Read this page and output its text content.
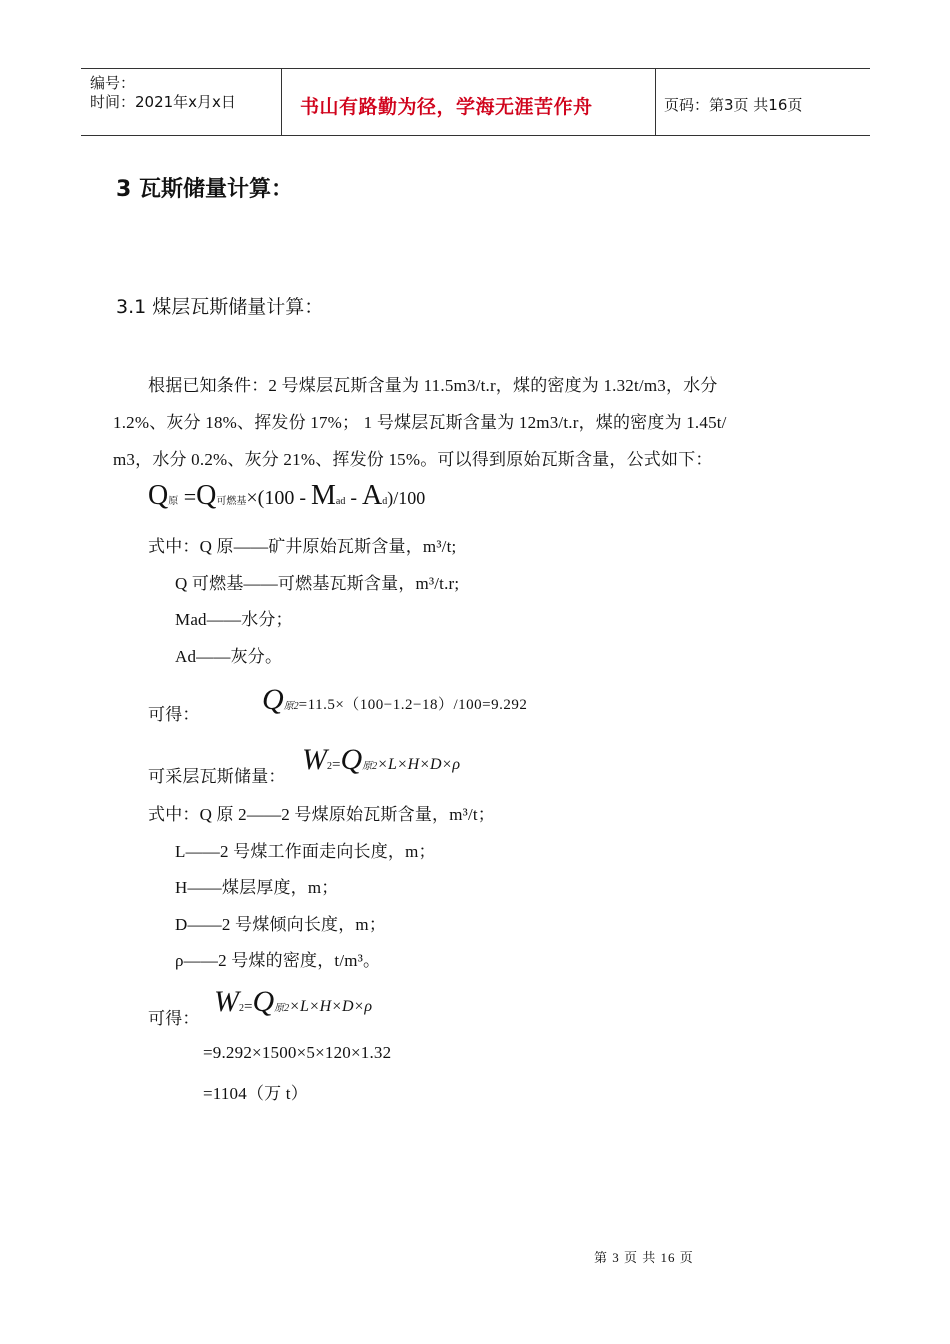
编号：
时间：2021年x月x日	书山有路勤为径，学海无涯苦作舟	页码：第3页 共16页
3 瓦斯储量计算：
3.1 煤层瓦斯储量计算：
根据已知条件：2 号煤层瓦斯含量为 11.5m3/t.r，煤的密度为 1.32t/m3，水分
1.2%、灰分 18%、挥发份 17%； 1 号煤层瓦斯含量为 12m3/t.r，煤的密度为 1.45t/
m3，水分 0.2%、灰分 21%、挥发份 15%。可以得到原始瓦斯含量，公式如下：
Q原 =Q可燃基×(100 - Mad - Ad)/100
式中：Q 原——矿井原始瓦斯含量，m³/t;
Q 可燃基——可燃基瓦斯含量，m³/t.r;
Mad——水分；
Ad——灰分。
可得： Q原2=11.5×（100−1.2−18）/100=9.292
可采层瓦斯储量：
W2=Q原2×L×H×D×ρ
式中：Q 原 2——2 号煤原始瓦斯含量，m³/t；
L——2 号煤工作面走向长度，m；
H——煤层厚度，m；
D——2 号煤倾向长度，m；
ρ——2 号煤的密度，t/m³。
可得：
W2=Q原2×L×H×D×ρ
=9.292×1500×5×120×1.32
=1104（万 t）
第 3 页 共 16 页
